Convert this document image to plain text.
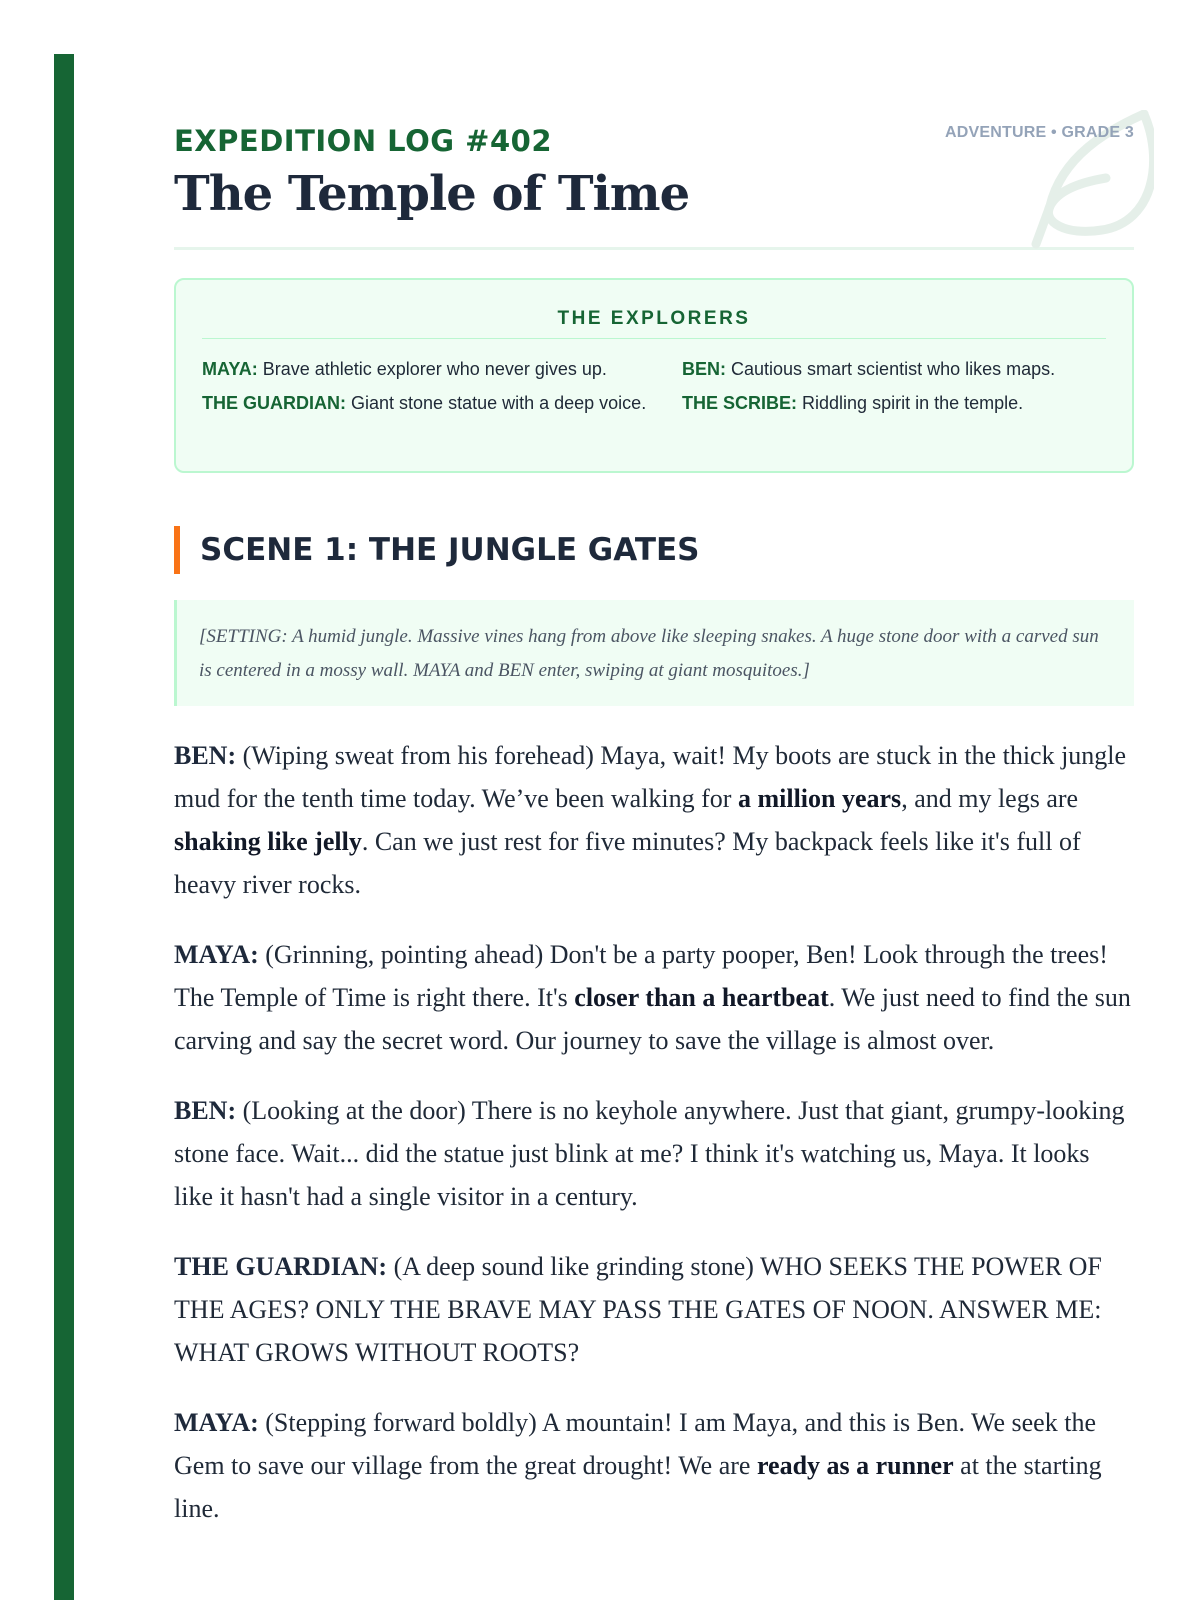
EXPEDITION LOG #402
The Temple of Time
ADVENTURE • GRADE 3
THE EXPLORERS
MAYA: Brave athletic explorer who never gives up.	BEN: Cautious smart scientist who likes maps.
THE GUARDIAN: Giant stone statue with a deep voice.	THE SCRIBE: Riddling spirit in the temple.
SCENE 1: THE JUNGLE GATES
[SETTING: A humid jungle. Massive vines hang from above like sleeping snakes. A huge stone door with a carved sun is centered in a mossy wall. MAYA and BEN enter, swiping at giant mosquitoes.]

BEN: (Wiping sweat from his forehead) Maya, wait! My boots are stuck in the thick jungle mud for the tenth time today. We’ve been walking for a million years, and my legs are shaking like jelly. Can we just rest for five minutes? My backpack feels like it's full of heavy river rocks.

MAYA: (Grinning, pointing ahead) Don't be a party pooper, Ben! Look through the trees! The Temple of Time is right there. It's closer than a heartbeat. We just need to find the sun carving and say the secret word. Our journey to save the village is almost over.

BEN: (Looking at the door) There is no keyhole anywhere. Just that giant, grumpy-looking stone face. Wait... did the statue just blink at me? I think it's watching us, Maya. It looks like it hasn't had a single visitor in a century.

THE GUARDIAN: (A deep sound like grinding stone) WHO SEEKS THE POWER OF THE AGES? ONLY THE BRAVE MAY PASS THE GATES OF NOON. ANSWER ME: WHAT GROWS WITHOUT ROOTS?

MAYA: (Stepping forward boldly) A mountain! I am Maya, and this is Ben. We seek the Gem to save our village from the great drought! We are ready as a runner at the starting line.
